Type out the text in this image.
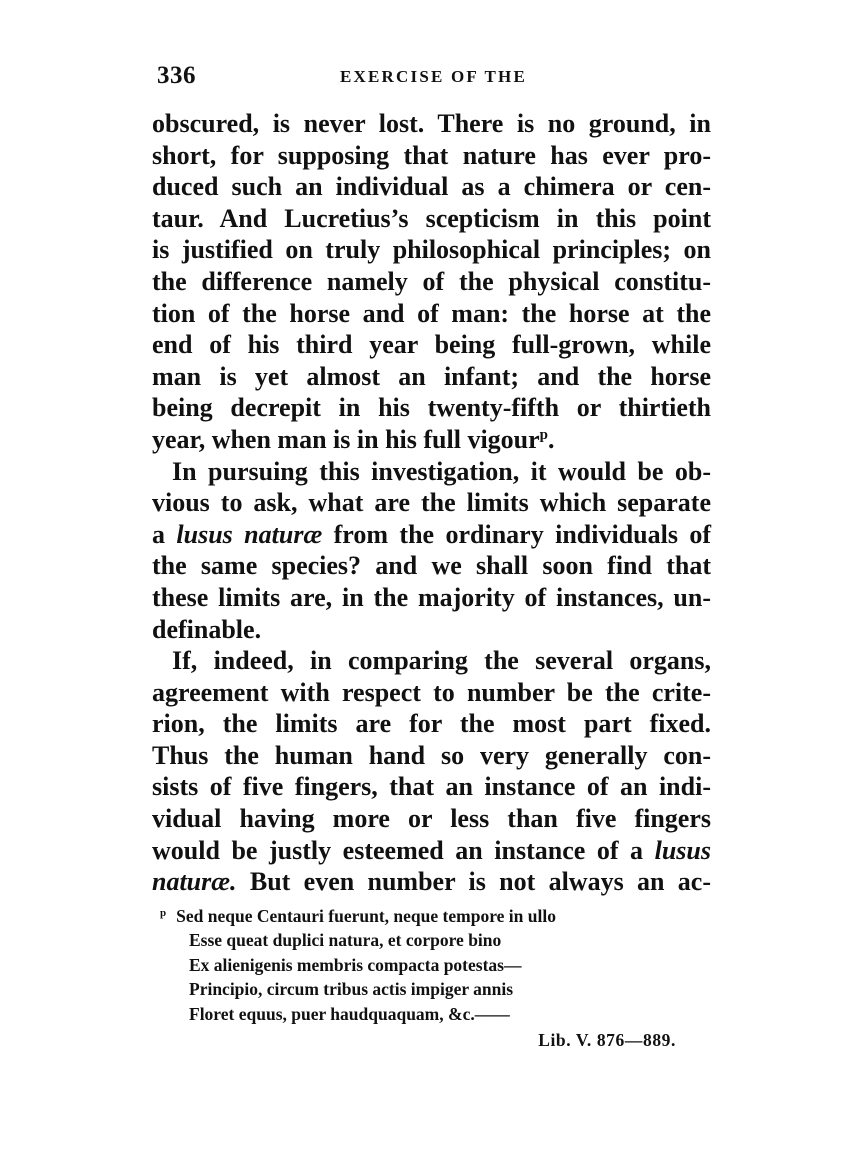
336	EXERCISE OF THE
obscured, is never lost. There is no ground, in
short, for supposing that nature has ever pro-
duced such an individual as a chimera or cen-
taur. And Lucretius’s scepticism in this point
is justified on truly philosophical principles; on
the difference namely of the physical constitu-
tion of the horse and of man: the horse at the
end of his third year being full-grown, while
man is yet almost an infant; and the horse
being decrepit in his twenty-fifth or thirtieth
year, when man is in his full vigour$^p$.
In pursuing this investigation, it would be ob-
vious to ask, what are the limits which separate
a lusus naturæ from the ordinary individuals of
the same species? and we shall soon find that
these limits are, in the majority of instances, un-
definable.
If, indeed, in comparing the several organs,
agreement with respect to number be the crite-
rion, the limits are for the most part fixed.
Thus the human hand so very generally con-
sists of five fingers, that an instance of an indi-
vidual having more or less than five fingers
would be justly esteemed an instance of a lusus
naturæ. But even number is not always an ac-
$^p$ Sed neque Centauri fuerunt, neque tempore in ullo
Esse queat duplici natura, et corpore bino
Ex alienigenis membris compacta potestas—
Principio, circum tribus actis impiger annis
Floret equus, puer haudquaquam, &c.——
Lib. V. 876—889.
